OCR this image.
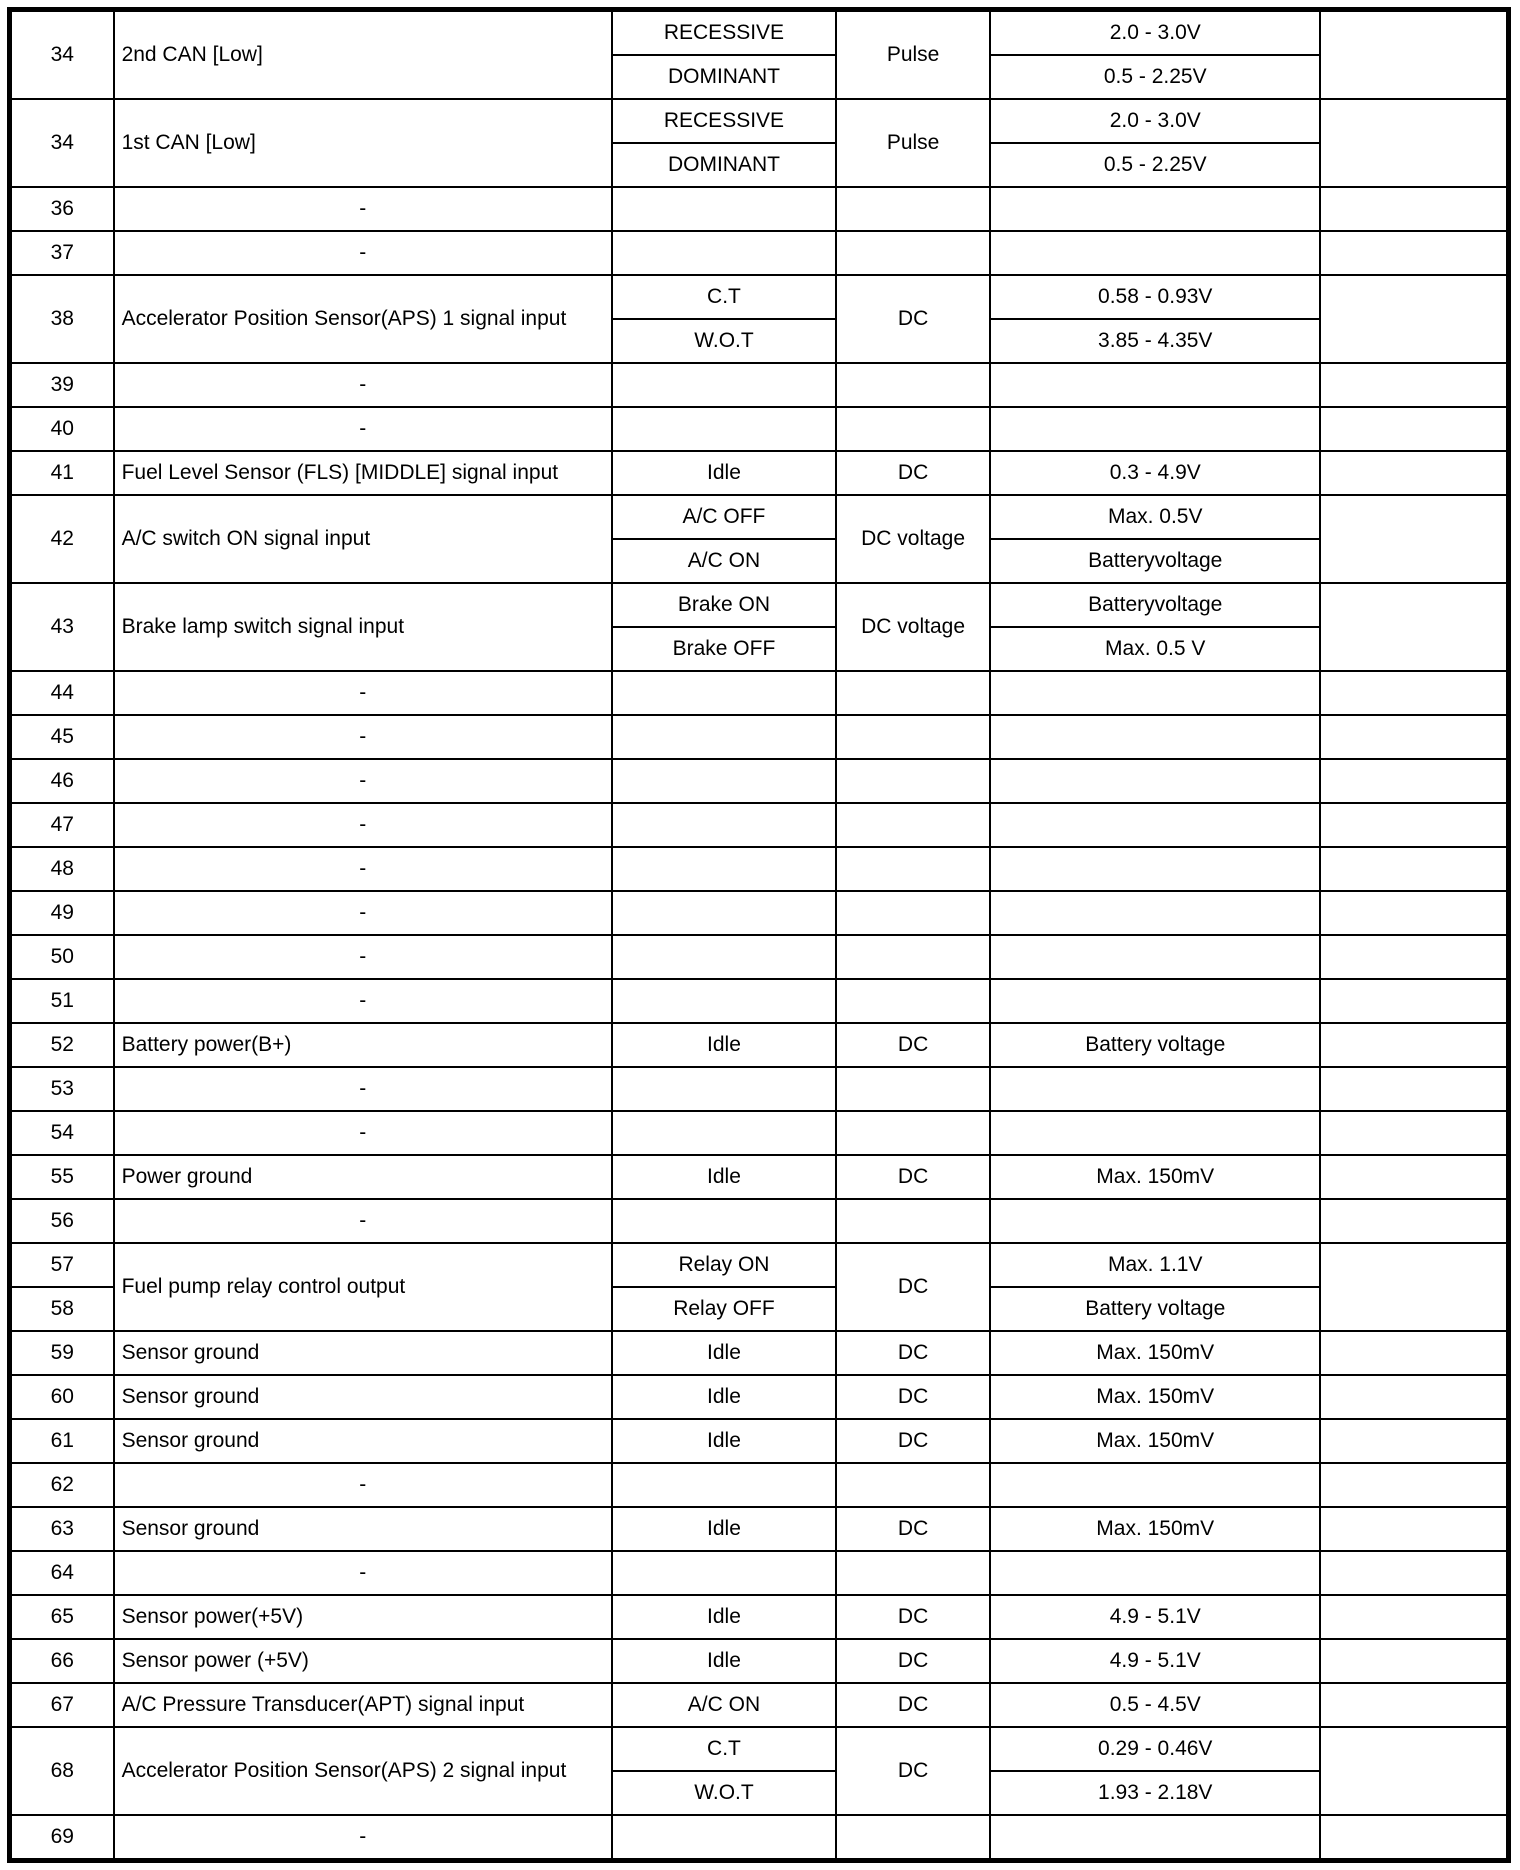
34	2nd CAN [Low]	RECESSIVE	Pulse	2.0 - 3.0V	
		DOMINANT		0.5 - 2.25V	
34	1st CAN [Low]	RECESSIVE	Pulse	2.0 - 3.0V	
		DOMINANT		0.5 - 2.25V	
36	-				
37	-				
38	Accelerator Position Sensor(APS) 1 signal input	C.T	DC	0.58 - 0.93V	
		W.O.T		3.85 - 4.35V	
39	-				
40	-				
41	Fuel Level Sensor (FLS) [MIDDLE] signal input	Idle	DC	0.3 - 4.9V	
42	A/C switch ON signal input	A/C OFF	DC voltage	Max. 0.5V	
		A/C ON		Batteryvoltage	
43	Brake lamp switch signal input	Brake ON	DC voltage	Batteryvoltage	
		Brake OFF		Max. 0.5 V	
44	-				
45	-				
46	-				
47	-				
48	-				
49	-				
50	-				
51	-				
52	Battery power(B+)	Idle	DC	Battery voltage	
53	-				
54	-				
55	Power ground	Idle	DC	Max. 150mV	
56	-				
57	Fuel pump relay control output	Relay ON	DC	Max. 1.1V	
58		Relay OFF		Battery voltage	
59	Sensor ground	Idle	DC	Max. 150mV	
60	Sensor ground	Idle	DC	Max. 150mV	
61	Sensor ground	Idle	DC	Max. 150mV	
62	-				
63	Sensor ground	Idle	DC	Max. 150mV	
64	-				
65	Sensor power(+5V)	Idle	DC	4.9 - 5.1V	
66	Sensor power (+5V)	Idle	DC	4.9 - 5.1V	
67	A/C Pressure Transducer(APT) signal input	A/C ON	DC	0.5 - 4.5V	
68	Accelerator Position Sensor(APS) 2 signal input	C.T	DC	0.29 - 0.46V	
		W.O.T		1.93 - 2.18V	
69	-				
